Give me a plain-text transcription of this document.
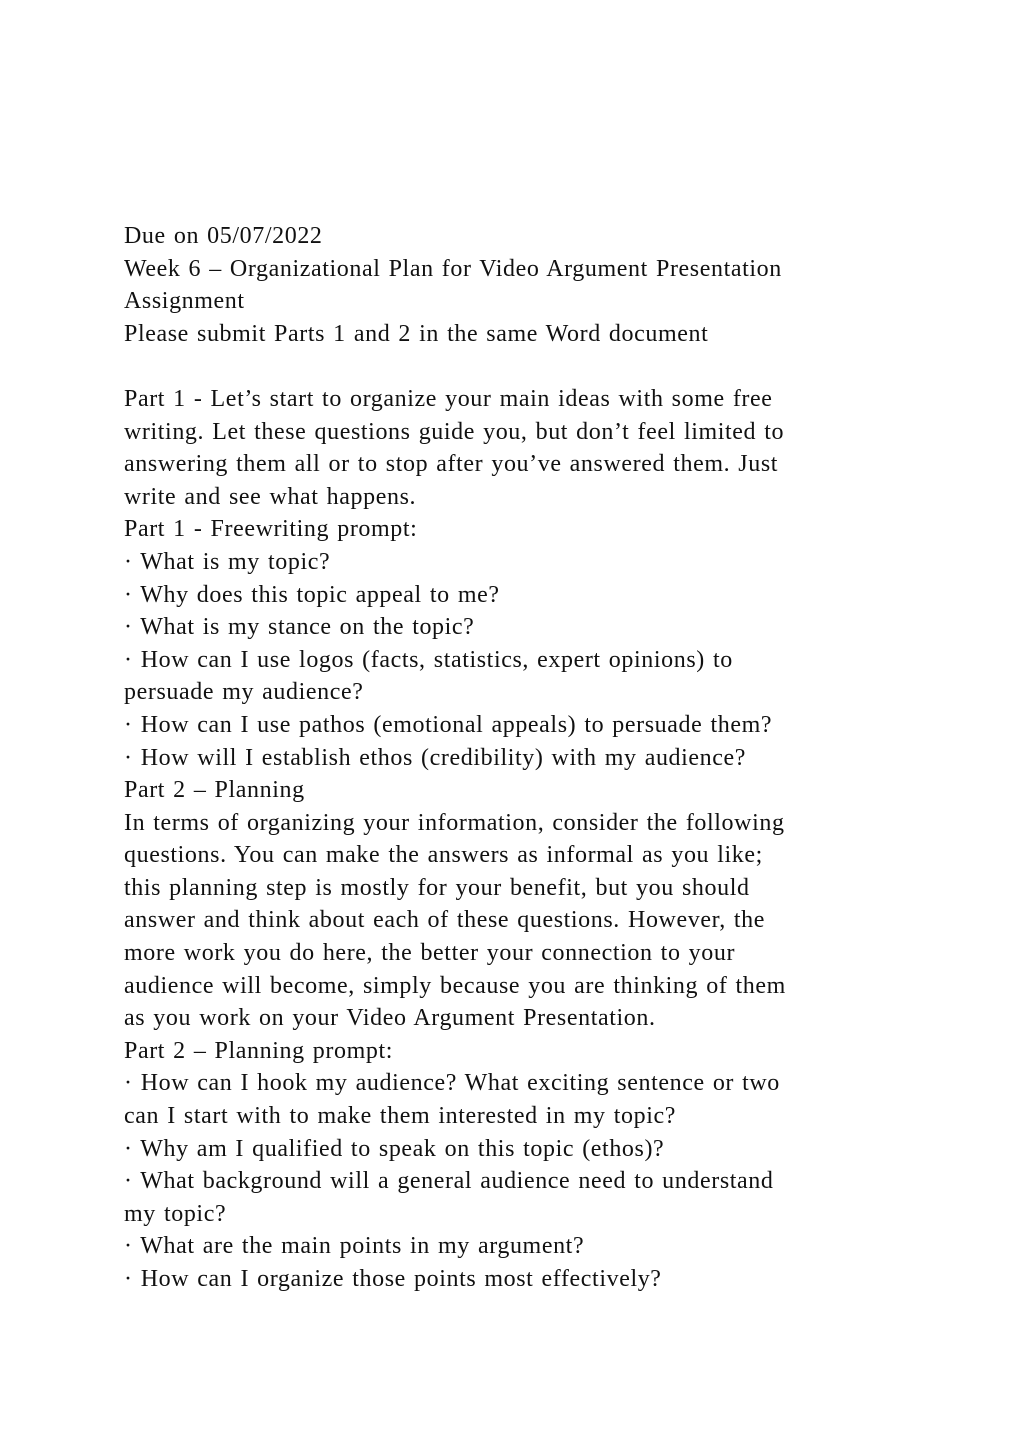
Due on 05/07/2022
Week 6 – Organizational Plan for Video Argument Presentation
Assignment
Please submit Parts 1 and 2 in the same Word document
Part 1 - Let’s start to organize your main ideas with some free
writing. Let these questions guide you, but don’t feel limited to
answering them all or to stop after you’ve answered them. Just
write and see what happens.
Part 1 - Freewriting prompt:
· What is my topic?
· Why does this topic appeal to me?
· What is my stance on the topic?
· How can I use logos (facts, statistics, expert opinions) to
persuade my audience?
· How can I use pathos (emotional appeals) to persuade them?
· How will I establish ethos (credibility) with my audience?
Part 2 – Planning
In terms of organizing your information, consider the following
questions. You can make the answers as informal as you like;
this planning step is mostly for your benefit, but you should
answer and think about each of these questions. However, the
more work you do here, the better your connection to your
audience will become, simply because you are thinking of them
as you work on your Video Argument Presentation.
Part 2 – Planning prompt:
· How can I hook my audience? What exciting sentence or two
can I start with to make them interested in my topic?
· Why am I qualified to speak on this topic (ethos)?
· What background will a general audience need to understand
my topic?
· What are the main points in my argument?
· How can I organize those points most effectively?
